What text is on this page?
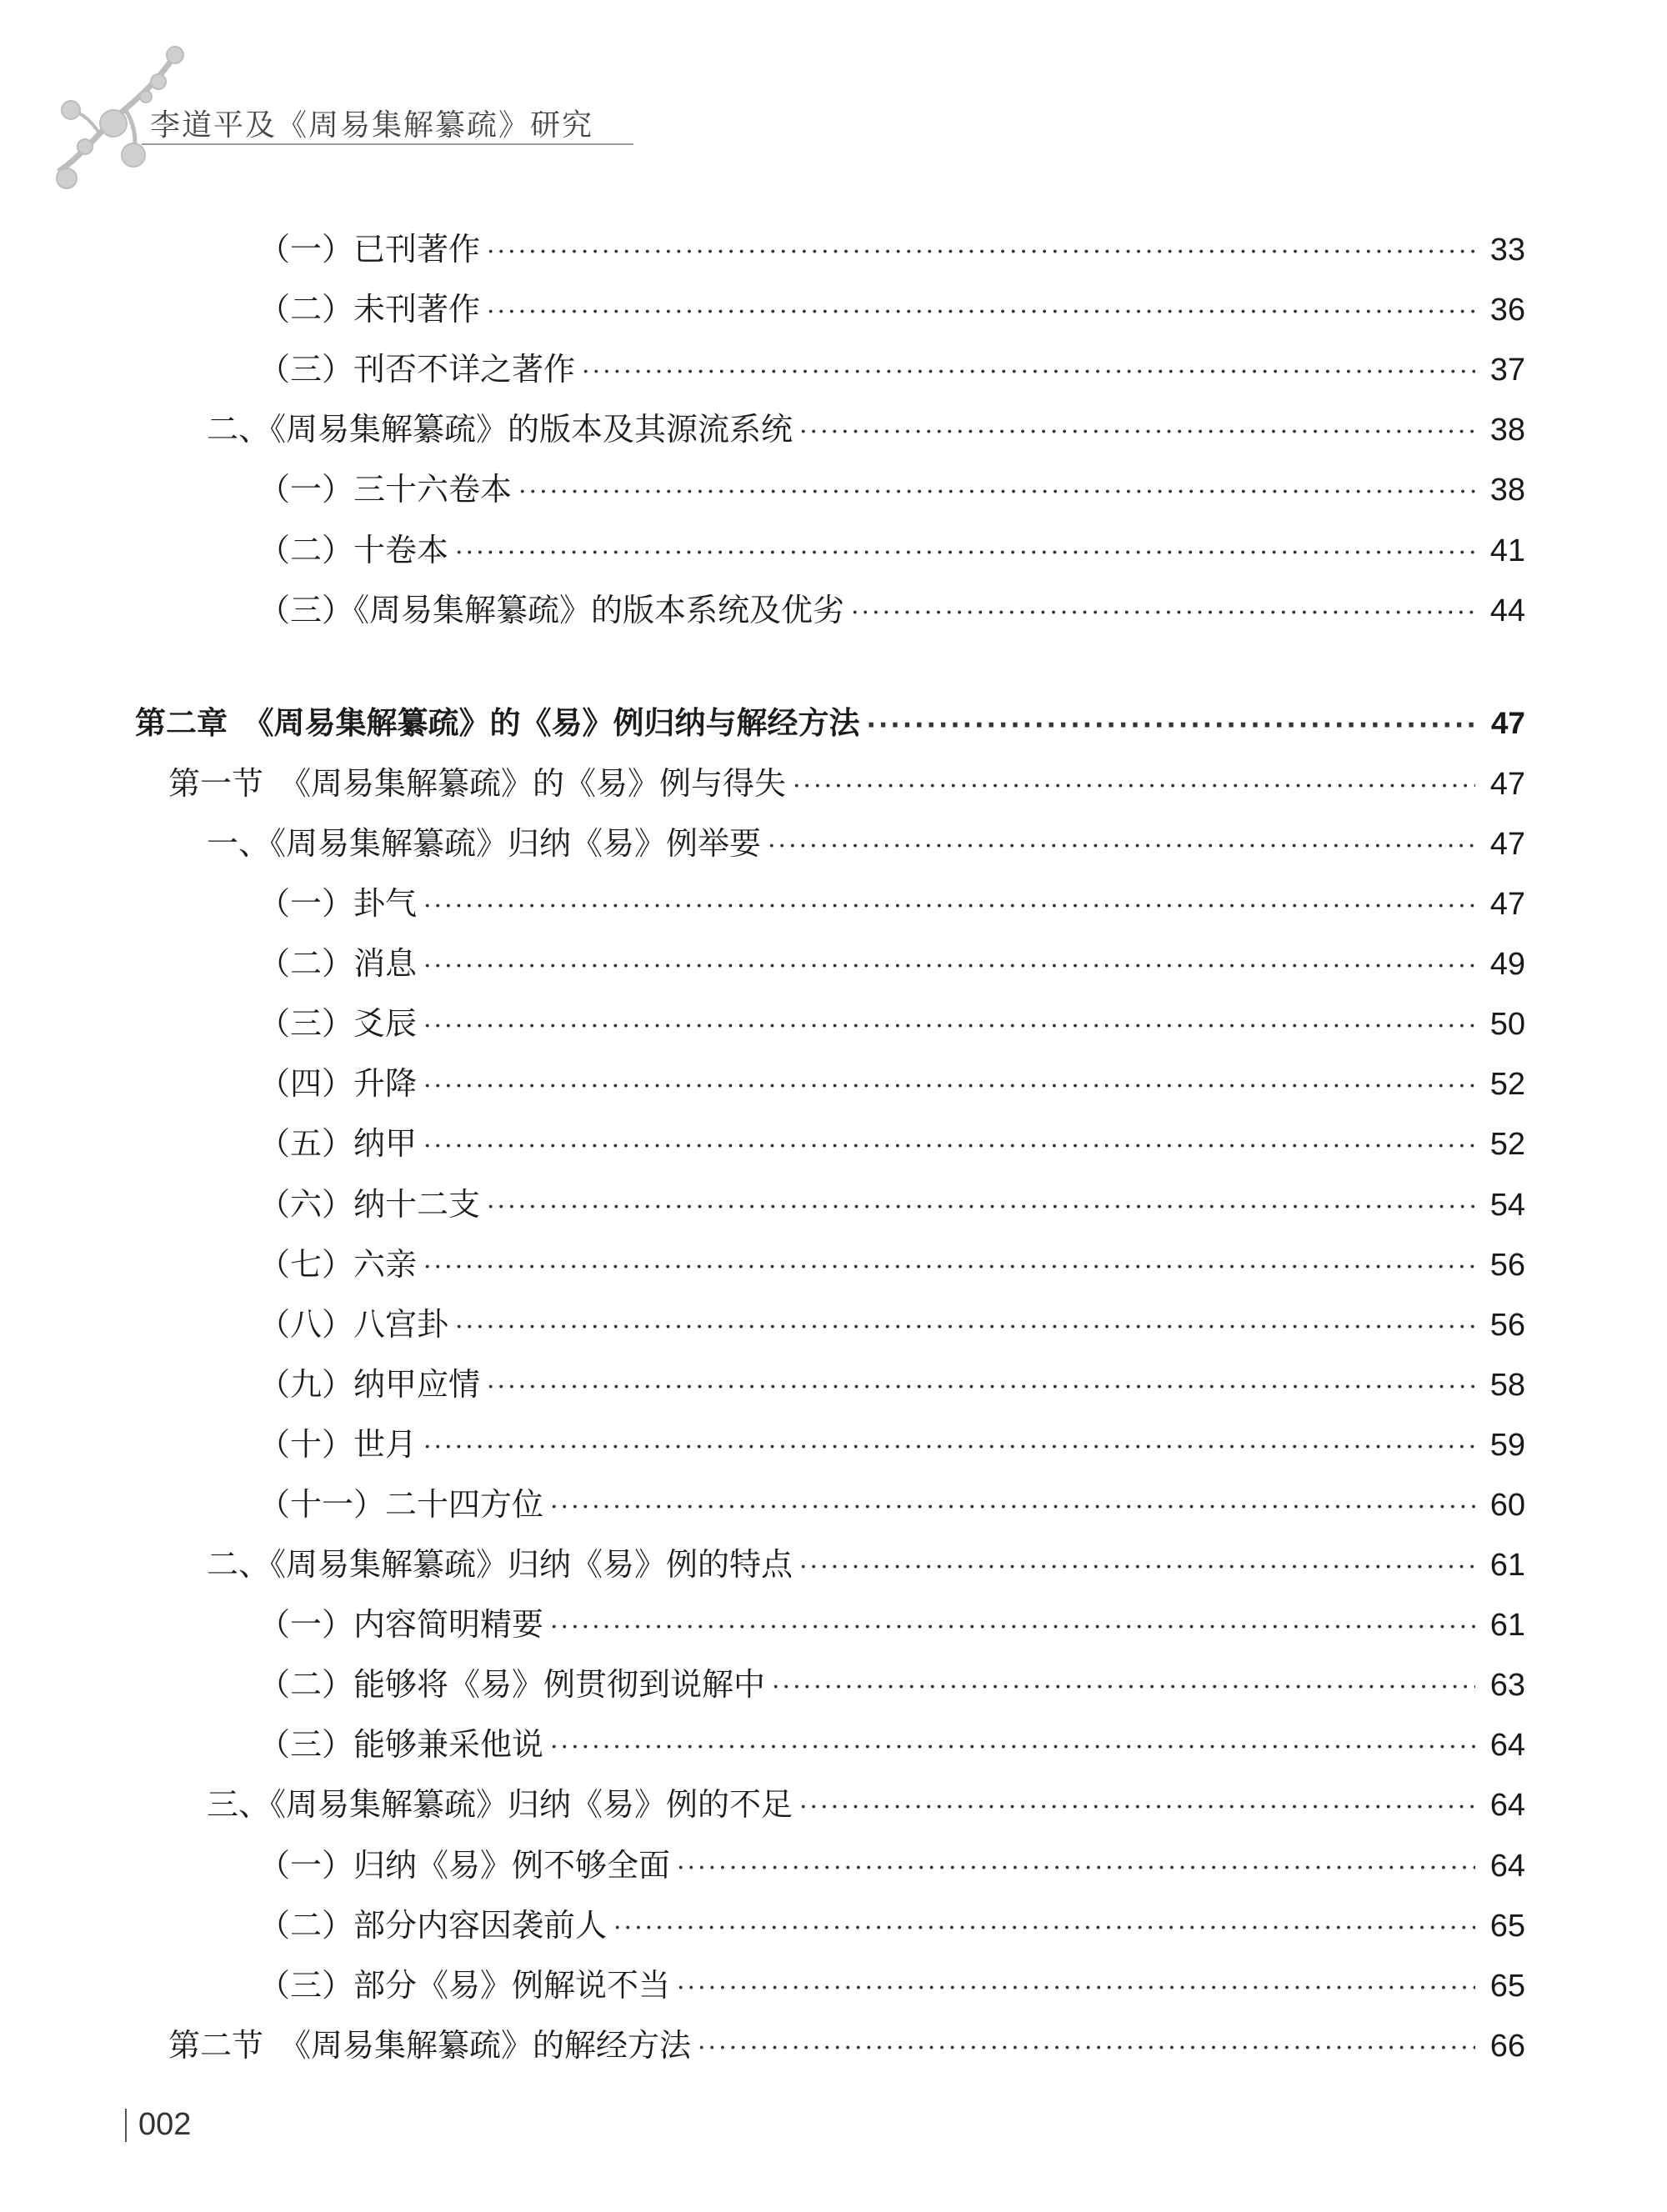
李道平及《周易集解纂疏》研究
（一）已刊著作 ·····	33
（二）未刊著作 ·····	36
（三）刊否不详之著作 ·····	37
二、《周易集解纂疏》的版本及其源流系统 ·····	38
（一）三十六卷本 ·····	38
（二）十卷本 ·····	41
（三）《周易集解纂疏》的版本系统及优劣 ·····	44
第二章　《周易集解纂疏》的《易》例归纳与解经方法 ·····	47
第一节　《周易集解纂疏》的《易》例与得失 ·····	47
一、《周易集解纂疏》归纳《易》例举要 ·····	47
（一）卦气 ·····	47
（二）消息 ·····	49
（三）爻辰 ·····	50
（四）升降 ·····	52
（五）纳甲 ·····	52
（六）纳十二支 ·····	54
（七）六亲 ·····	56
（八）八宫卦 ·····	56
（九）纳甲应情 ·····	58
（十）世月 ·····	59
（十一）二十四方位 ·····	60
二、《周易集解纂疏》归纳《易》例的特点 ·····	61
（一）内容简明精要 ·····	61
（二）能够将《易》例贯彻到说解中 ·····	63
（三）能够兼采他说 ·····	64
三、《周易集解纂疏》归纳《易》例的不足 ·····	64
（一）归纳《易》例不够全面 ·····	64
（二）部分内容因袭前人 ·····	65
（三）部分《易》例解说不当 ·····	65
第二节　《周易集解纂疏》的解经方法 ·····	66
002
